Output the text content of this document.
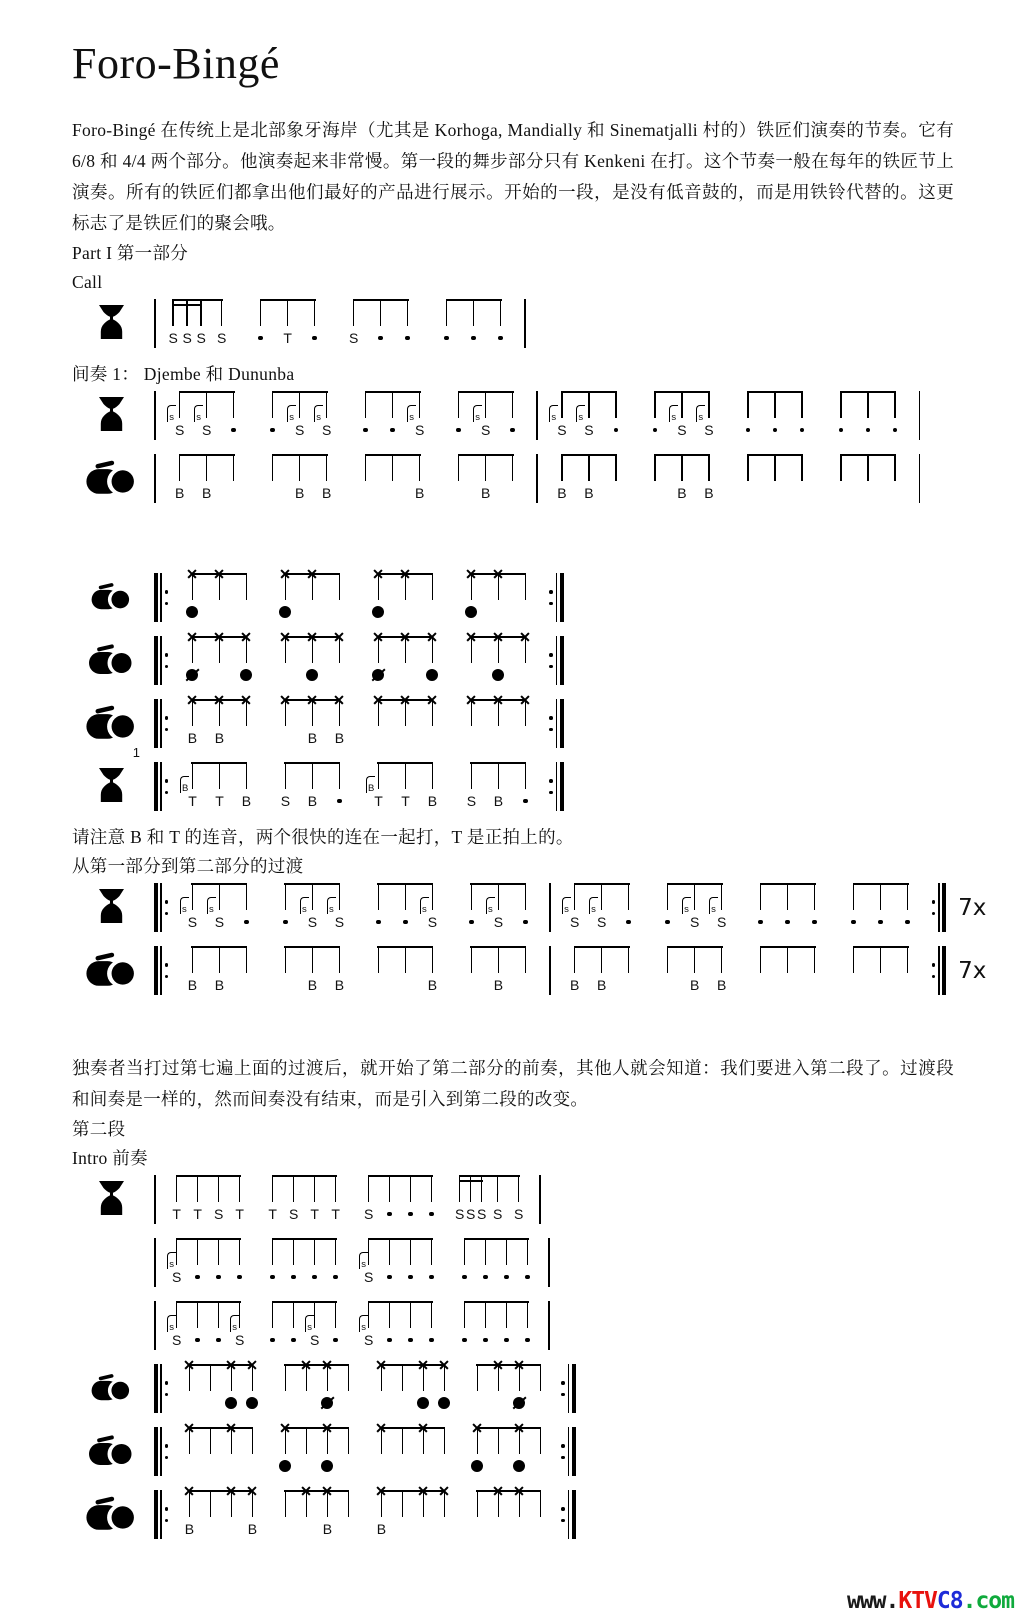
Foro-Bingé

Foro-Bingé 在传统上是北部象牙海岸（尤其是 Korhoga, Mandially 和 Sinematjalli 村的）铁匠们演奏的节奏。它有 6/8 和 4/4 两个部分。他演奏起来非常慢。第一段的舞步部分只有 Kenkeni 在打。这个节奏一般在每年的铁匠节上演奏。所有的铁匠们都拿出他们最好的产品进行展示。开始的一段，是没有低音鼓的，而是用铁铃代替的。这更标志了是铁匠们的聚会哦。

Part I 第一部分
Call
S S S S	T	S
间奏 1： Djembe 和 Dununba
s
S
s
S
s
S
s
S
s
S
s
S
s
S
s
S
s
S
s
S
B B	B B	B	B	B B	B B
B B	B B
1
B
T T B S B
B
T T B S B
请注意 B 和 T 的连音，两个很快的连在一起打，T 是正拍上的。
从第一部分到第二部分的过渡
s
S
s
S
s
S
s
S
s
S
s
S
s
S
s
S
s
S
s
S
7x
B B	B B	B	B	B B	B B
7x

独奏者当打过第七遍上面的过渡后，就开始了第二部分的前奏，其他人就会知道：我们要进入第二段了。过渡段和间奏是一样的，然而间奏没有结束，而是引入到第二段的改变。

第二段
Intro 前奏
T T S T T S T T S	S S S S S
s
S
s
S
s
S
s
S
s
S
s
S
B	B	B	B
www.KTVC8.com
